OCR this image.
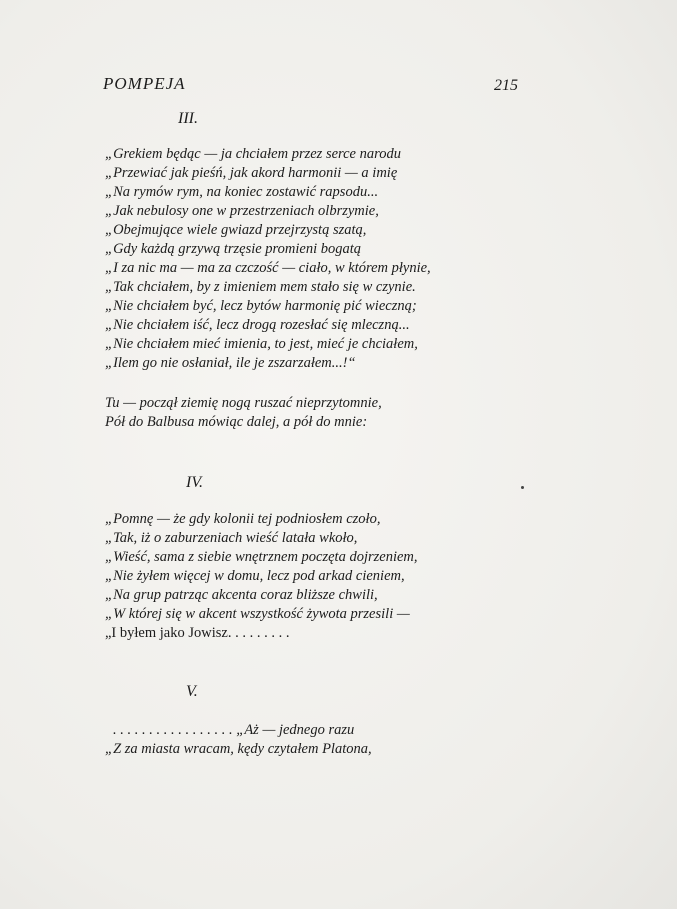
POMPEJA	215
III.
„Grekiem będąc — ja chciałem przez serce narodu
„Przewiać jak pieśń, jak akord harmonii — a imię
„Na rymów rym, na koniec zostawić rapsodu...
„Jak nebulosy one w przestrzeniach olbrzymie,
„Obejmujące wiele gwiazd przejrzystą szatą,
„Gdy każdą grzywą trzęsie promieni bogatą
„I za nic ma — ma za czczość — ciało, w którem płynie,
„Tak chciałem, by z imieniem mem stało się w czynie.
„Nie chciałem być, lecz bytów harmonię pić wieczną;
„Nie chciałem iść, lecz drogą rozesłać się mleczną...
„Nie chciałem mieć imienia, to jest, mieć je chciałem,
„Ilem go nie osłaniał, ile je zszarzałem...!“
Tu — począł ziemię nogą ruszać nieprzytomnie,
Pół do Balbusa mówiąc dalej, a pół do mnie:
IV.
„Pomnę — że gdy kolonii tej podniosłem czoło,
„Tak, iż o zaburzeniach wieść latała wkoło,
„Wieść, sama z siebie wnętrznem poczęta dojrzeniem,
„Nie żyłem więcej w domu, lecz pod arkad cieniem,
„Na grup patrząc akcenta coraz bliższe chwili,
„W której się w akcent wszystkość żywota przesili —
„I byłem jako Jowisz. . . . . . . . .
V.
. . . . . . . . . . . . . . . . . „Aż — jednego razu
„Z za miasta wracam, kędy czytałem Platona,
